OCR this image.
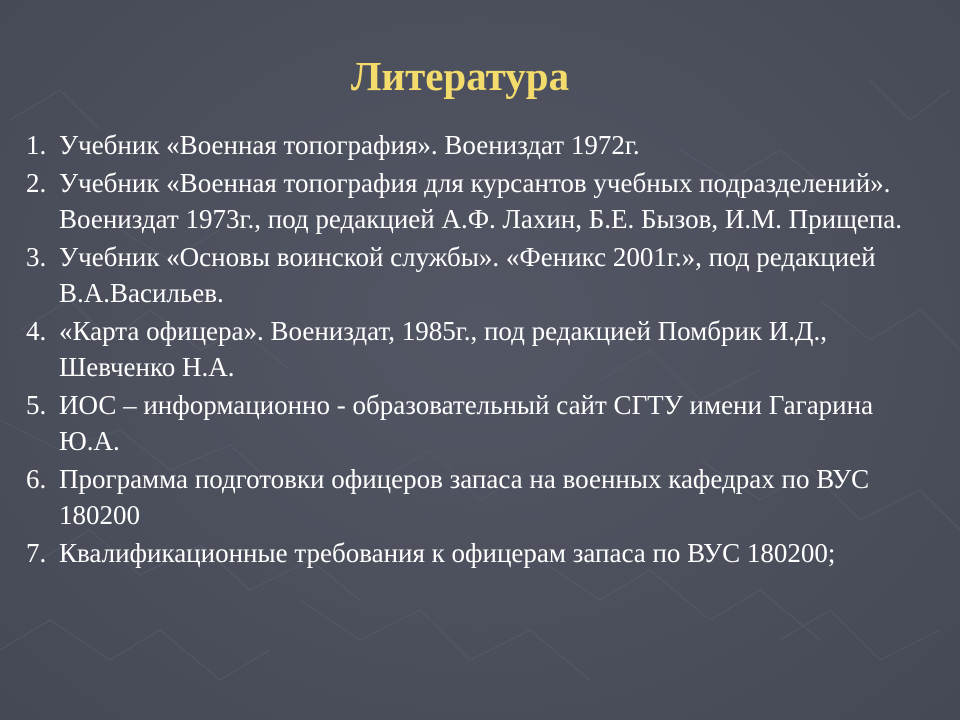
Литература
1. Учебник «Военная топография». Воениздат 1972г.
2. Учебник «Военная топография для курсантов учебных подразделений». Воениздат 1973г., под редакцией А.Ф. Лахин, Б.Е. Бызов, И.М. Прищепа.
3. Учебник «Основы воинской службы». «Феникс 2001г.», под редакцией В.А.Васильев.
4. «Карта офицера». Воениздат, 1985г., под редакцией Помбрик И.Д., Шевченко Н.А.
5. ИОС – информационно - образовательный сайт СГТУ имени Гагарина Ю.А.
6. Программа подготовки офицеров запаса на военных кафедрах по ВУС 180200
7. Квалификационные требования к офицерам запаса по ВУС 180200;
